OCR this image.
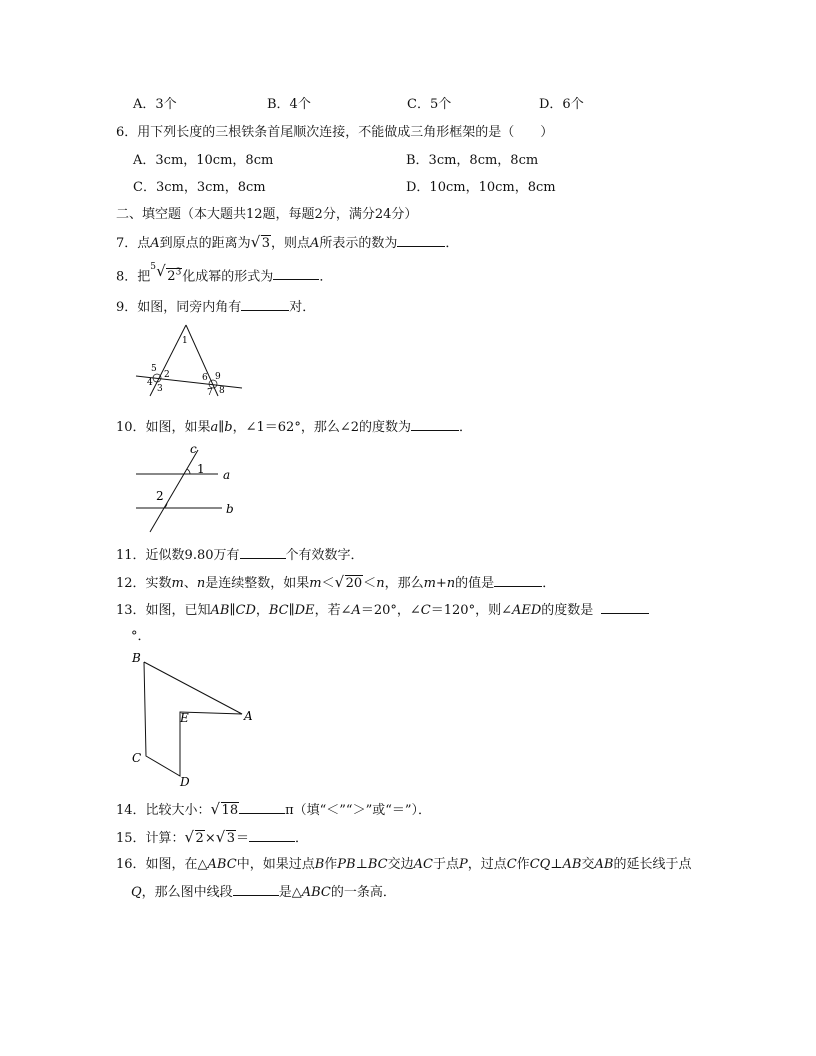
A．3个	B．4个	C．5个	D．6个
6．用下列长度的三根铁条首尾顺次连接，不能做成三角形框架的是（　　）
A．3cm，10cm，8cm	B．3cm，8cm，8cm
C．3cm，3cm，8cm	D．10cm，10cm，8cm
二、填空题（本大题共12题，每题2分，满分24分）
7．点A到原点的距离为 √ 3，则点A所表示的数为	．
8．把
5 √ $2^3$化成幂的形式为	．
9．如图，同旁内角有	对．
1
5
2
4
3
6 9
7 8
10．如图，如果a∥b，∠1＝62°，那么∠2的度数为	．
c
1 a
2
b
11．近似数9.80万有	个有效数字．
12．实数m、n是连续整数，如果m＜ √ 20＜n，那么m+n的值是	．
13．如图，已知AB∥CD，BC∥DE，若∠A＝20°，∠C＝120°，则∠AED的度数是
°．
B
E	A
C
D
14．比较大小： √ 18	π（填“＜”“＞”或“＝”）．
15．计算： √ 2× √ 3＝	．
16．如图，在△ABC中，如果过点B作PB⊥BC交边AC于点P，过点C作CQ⊥AB交AB的延长线于点
Q，那么图中线段	是△ABC的一条高．
